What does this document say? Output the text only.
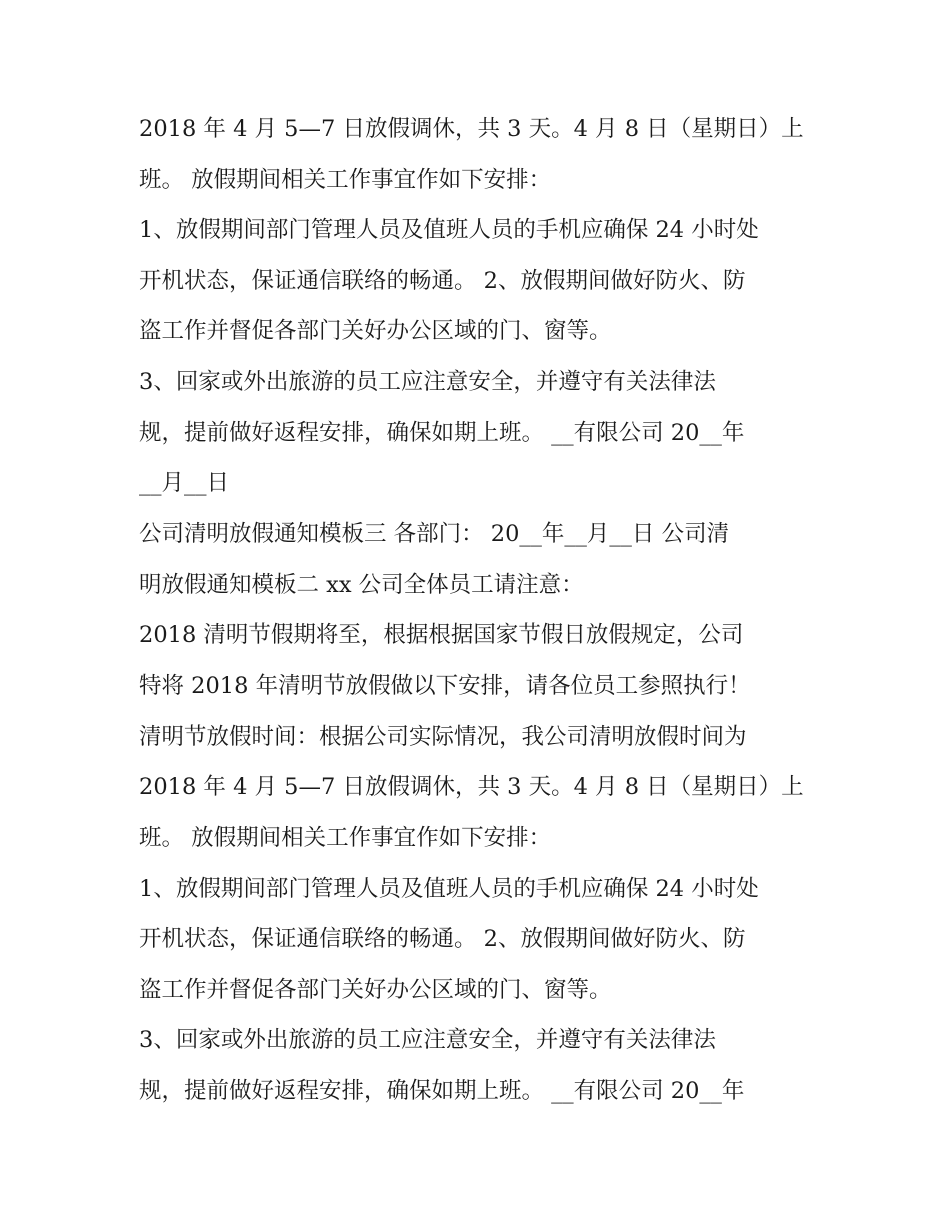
2018 年 4 月 5—7 日放假调休，共 3 天。4 月 8 日（星期日）上
班。 放假期间相关工作事宜作如下安排：
1、放假期间部门管理人员及值班人员的手机应确保 24 小时处
开机状态，保证通信联络的畅通。 2、放假期间做好防火、防
盗工作并督促各部门关好办公区域的门、窗等。
3、回家或外出旅游的员工应注意安全，并遵守有关法律法
规，提前做好返程安排，确保如期上班。 __有限公司 20__年
__月__日
公司清明放假通知模板三 各部门： 20__年__月__日 公司清
明放假通知模板二 xx 公司全体员工请注意：
2018 清明节假期将至，根据根据国家节假日放假规定，公司
特将 2018 年清明节放假做以下安排，请各位员工参照执行！
清明节放假时间：根据公司实际情况，我公司清明放假时间为
2018 年 4 月 5—7 日放假调休，共 3 天。4 月 8 日（星期日）上
班。 放假期间相关工作事宜作如下安排：
1、放假期间部门管理人员及值班人员的手机应确保 24 小时处
开机状态，保证通信联络的畅通。 2、放假期间做好防火、防
盗工作并督促各部门关好办公区域的门、窗等。
3、回家或外出旅游的员工应注意安全，并遵守有关法律法
规，提前做好返程安排，确保如期上班。 __有限公司 20__年
